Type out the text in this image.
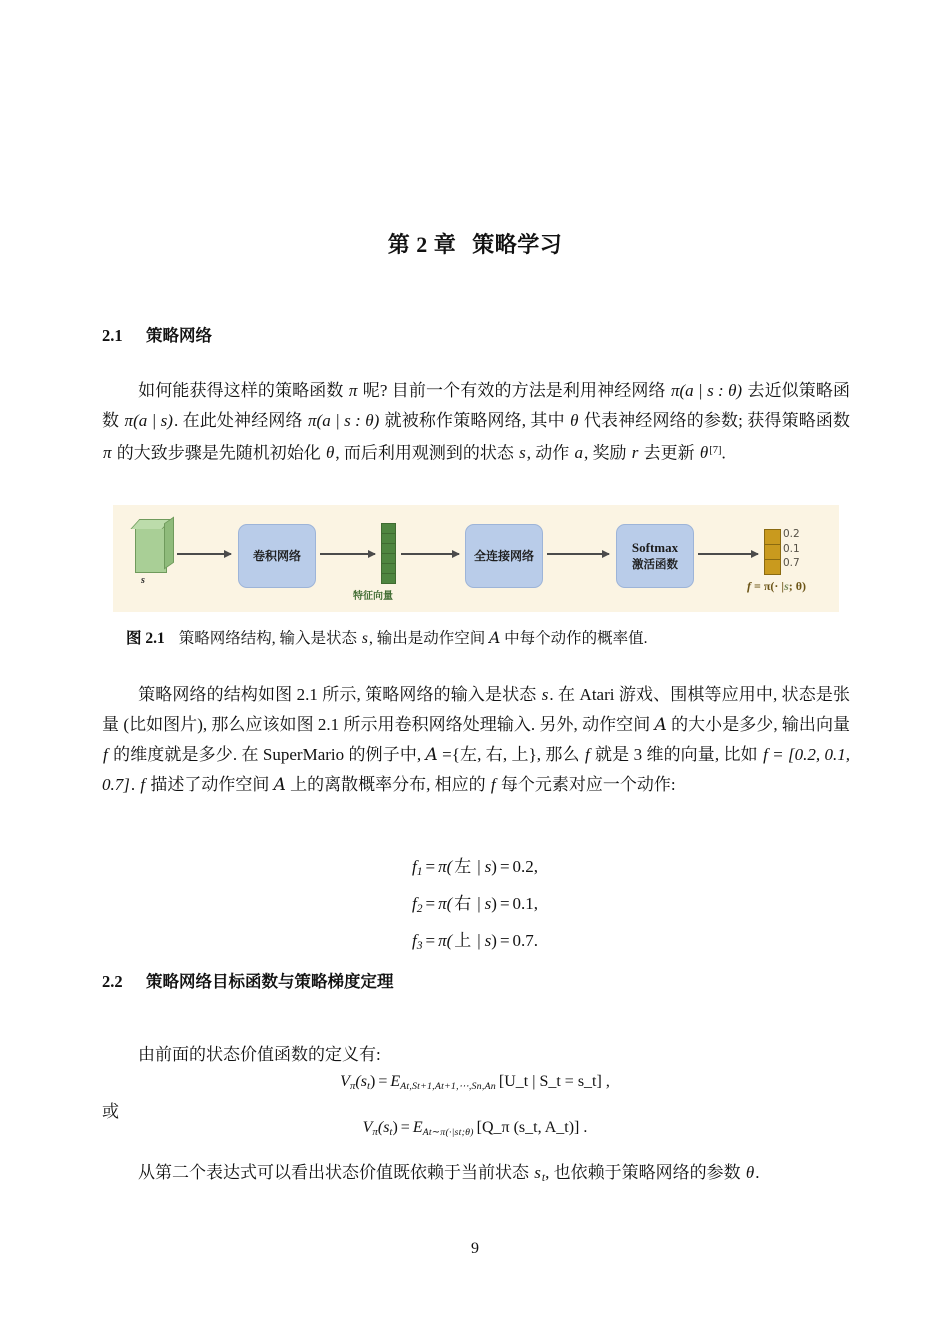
第 2 章 策略学习
2.1 策略网络
如何能获得这样的策略函数 π 呢? 目前一个有效的方法是利用神经网络 π(a | s : θ) 去近似策略函数 π(a | s). 在此处神经网络 π(a | s : θ) 就被称作策略网络, 其中 θ 代表神经网络的参数; 获得策略函数 π 的大致步骤是先随机初始化 θ, 而后利用观测到的状态 s, 动作 a, 奖励 r 去更新 θ[7].
s
卷积网络
特征向量
全连接网络
Softmax
激活函数
0.2
0.1
0.7
f = π(· |s; θ)
图 2.1 策略网络结构, 输入是状态 s, 输出是动作空间 A 中每个动作的概率值.
策略网络的结构如图 2.1 所示, 策略网络的输入是状态 s. 在 Atari 游戏、围棋等应用中, 状态是张量 (比如图片), 那么应该如图 2.1 所示用卷积网络处理输入. 另外, 动作空间 A 的大小是多少, 输出向量 f 的维度就是多少. 在 SuperMario 的例子中, A ={左, 右, 上}, 那么 f 就是 3 维的向量, 比如 f = [0.2, 0.1, 0.7]. f 描述了动作空间 A 上的离散概率分布, 相应的 f 每个元素对应一个动作:
$f_1 = \pi$( 左 | s) = 0.2,
$f_2 = \pi$( 右 | s) = 0.1,
$f_3 = \pi$( 上 | s) = 0.7.
2.2 策略网络目标函数与策略梯度定理
由前面的状态价值函数的定义有:
$V_\pi(s_t) = E_{At,St+1,At+1,\cdots,Sn,An}$ [U_t | S_t = s_t] ,
或
$V_\pi(s_t) = E_{At\sim\pi(\cdot|st;\theta)}$ [Q_π (s_t, A_t)] .
从第二个表达式可以看出状态价值既依赖于当前状态 $s_t$, 也依赖于策略网络的参数 θ.
9
